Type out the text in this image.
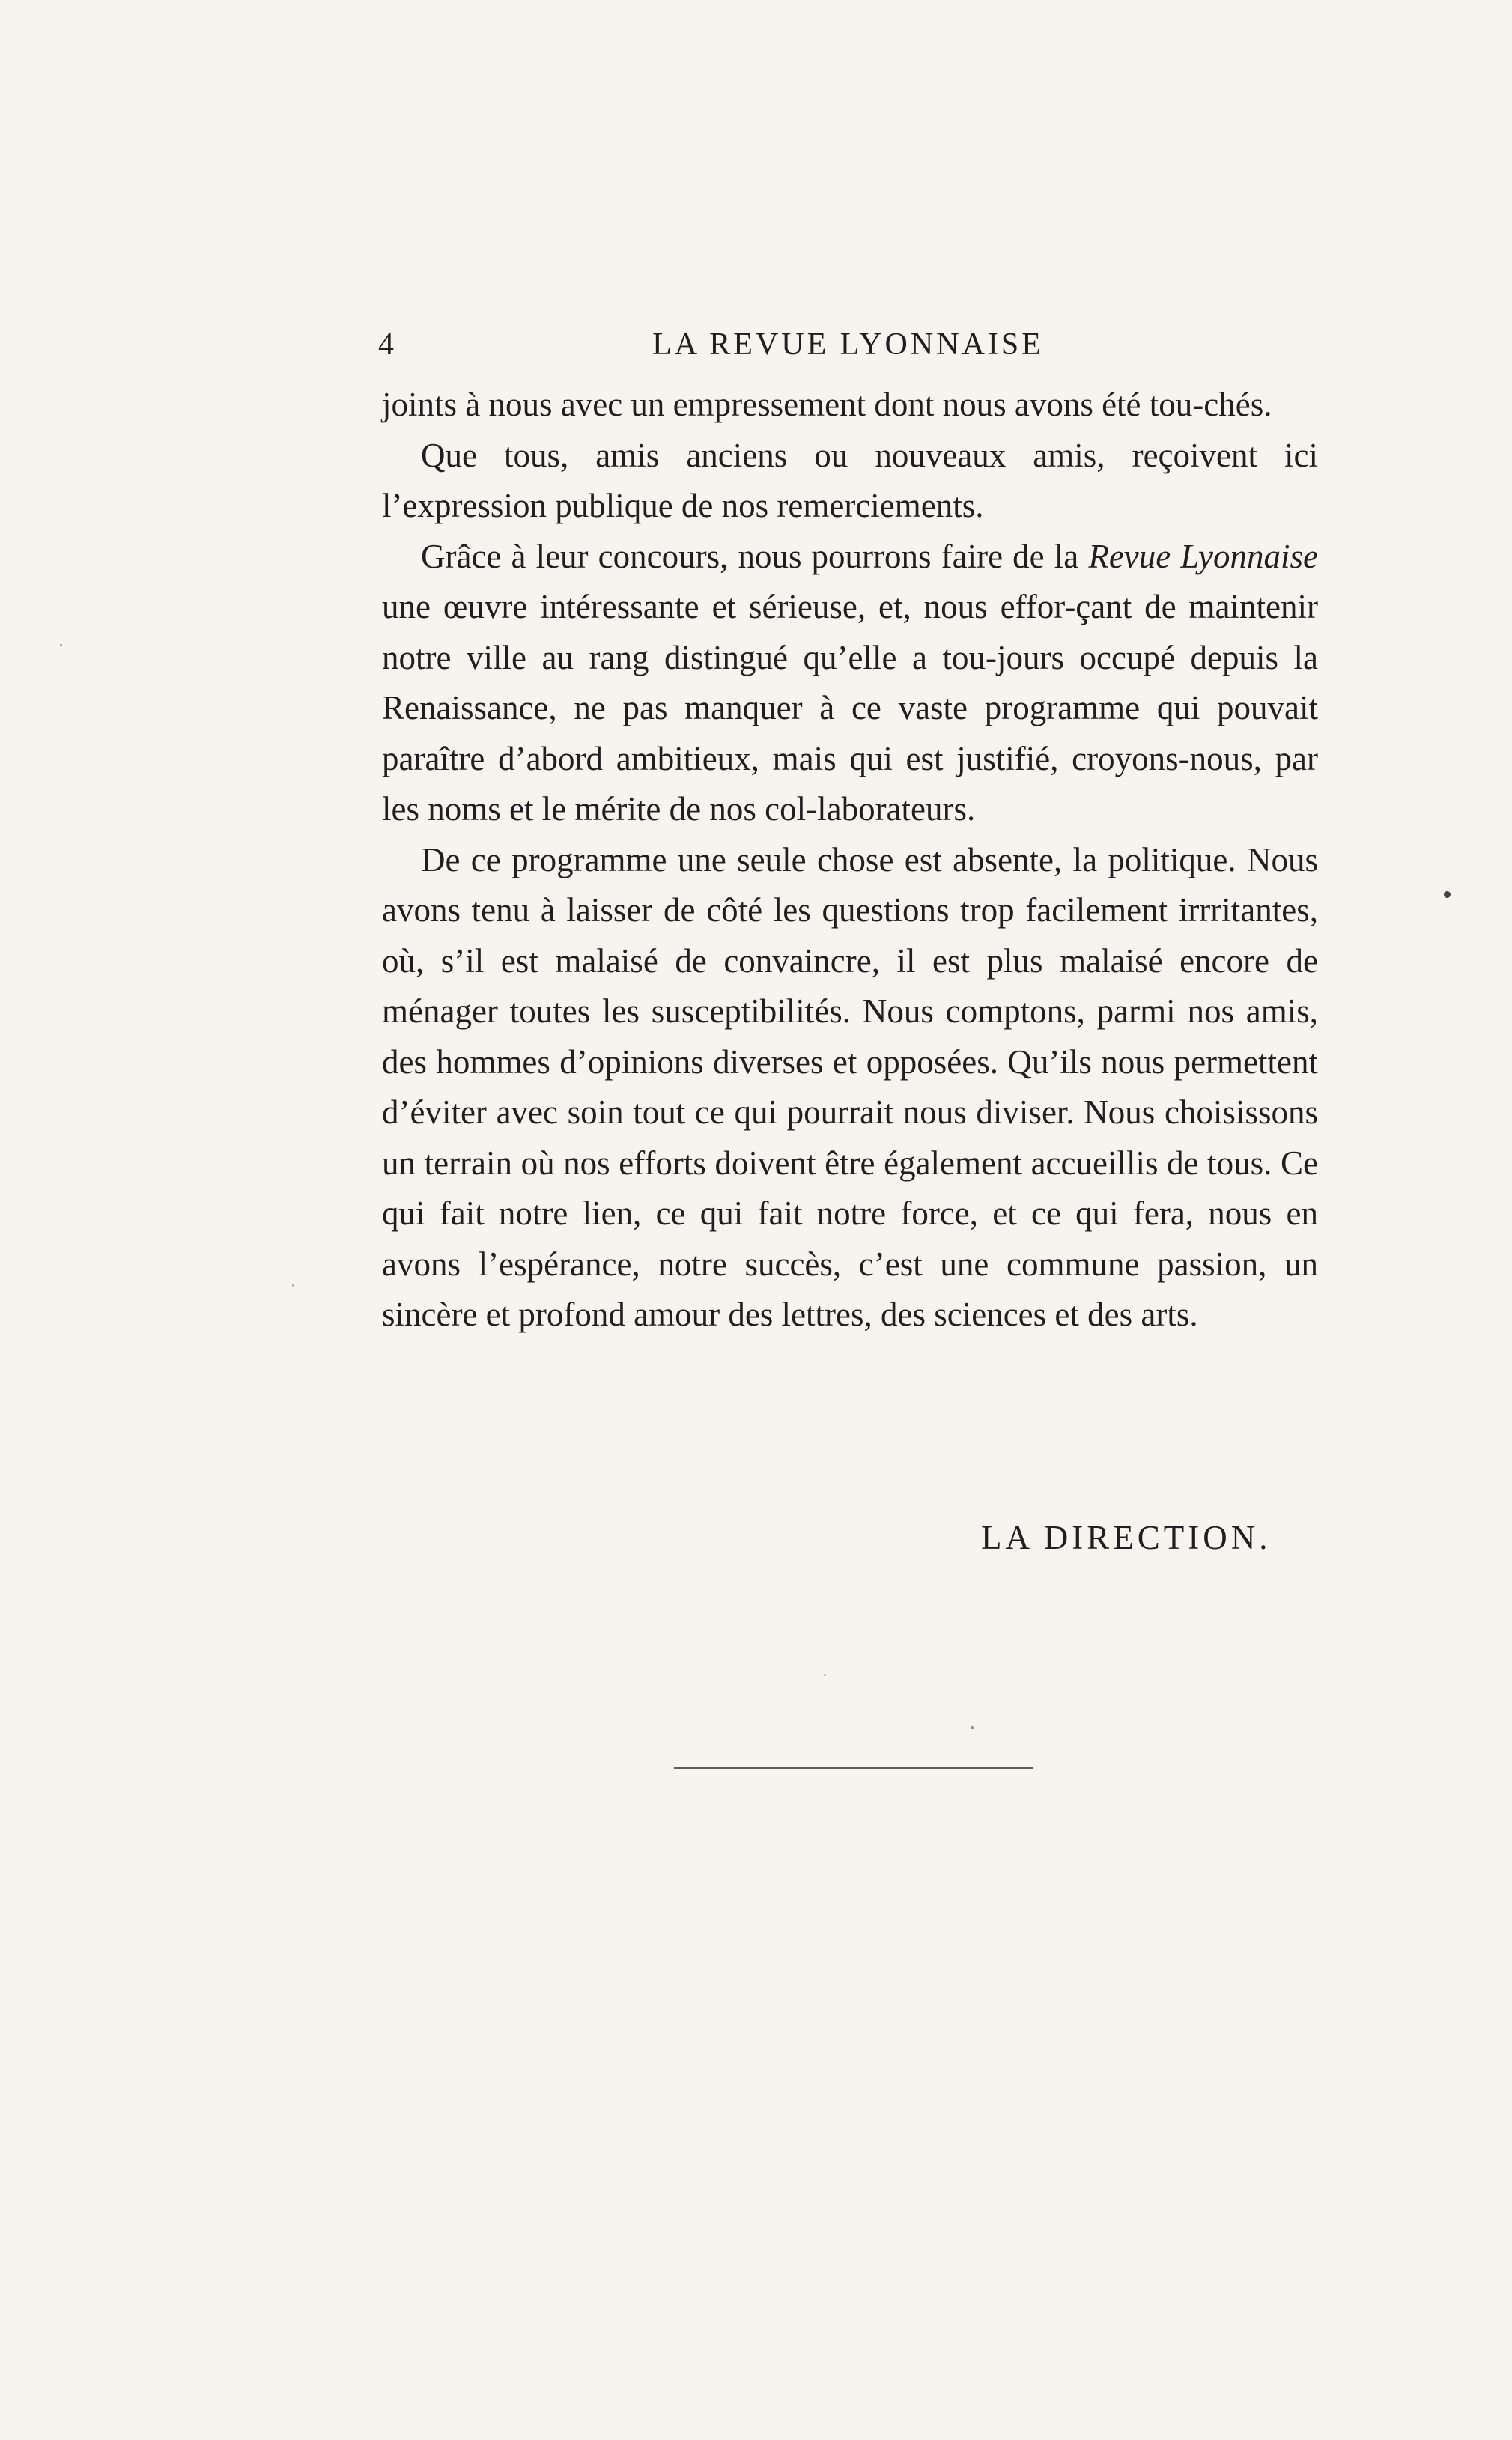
4	LA REVUE LYONNAISE

joints à nous avec un empressement dont nous avons été tou-chés.

Que tous, amis anciens ou nouveaux amis, reçoivent ici l’expression publique de nos remerciements.

Grâce à leur concours, nous pourrons faire de la Revue Lyonnaise une œuvre intéressante et sérieuse, et, nous effor-çant de maintenir notre ville au rang distingué qu’elle a tou-jours occupé depuis la Renaissance, ne pas manquer à ce vaste programme qui pouvait paraître d’abord ambitieux, mais qui est justifié, croyons-nous, par les noms et le mérite de nos col-laborateurs.

De ce programme une seule chose est absente, la politique. Nous avons tenu à laisser de côté les questions trop facilement irrritantes, où, s’il est malaisé de convaincre, il est plus malaisé encore de ménager toutes les susceptibilités. Nous comptons, parmi nos amis, des hommes d’opinions diverses et opposées. Qu’ils nous permettent d’éviter avec soin tout ce qui pourrait nous diviser. Nous choisissons un terrain où nos efforts doivent être également accueillis de tous. Ce qui fait notre lien, ce qui fait notre force, et ce qui fera, nous en avons l’espérance, notre succès, c’est une commune passion, un sincère et profond amour des lettres, des sciences et des arts.

LA DIRECTION.
